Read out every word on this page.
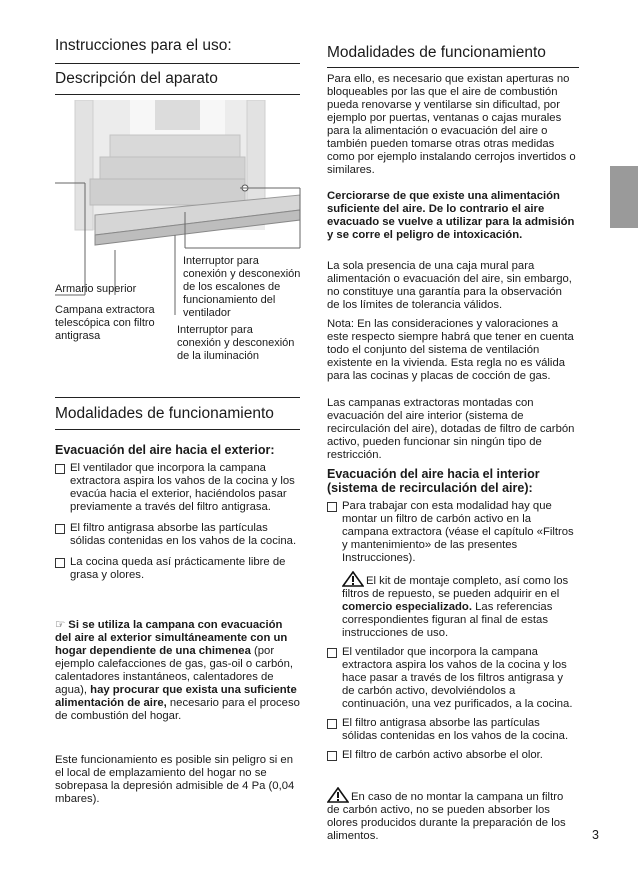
Instrucciones para el uso:
Descripción del aparato
Armario superior
Campana extractora telescópica con filtro antigrasa
Interruptor para conexión y desconexión de los escalones de funcionamiento del ventilador
Interruptor para conexión y desconexión de la iluminación
Modalidades de funcionamiento
Evacuación del aire hacia el exterior:
El ventilador que incorpora la campana extractora aspira los vahos de la cocina y los evacúa hacia el exterior, haciéndolos pasar previamente a través del filtro antigrasa.
El filtro antigrasa absorbe las partículas sólidas contenidas en los vahos de la cocina.
La cocina queda así prácticamente libre de grasa y olores.

☞ Si se utiliza la campana con evacuación del aire al exterior simultáneamente con un hogar dependiente de una chimenea (por ejemplo calefacciones de gas, gas-oil o carbón, calentadores instantáneos, calentadores de agua), hay procurar que exista una suficiente alimentación de aire, necesario para el proceso de combustión del hogar.

Este funcionamiento es posible sin peligro si en el local de emplazamiento del hogar no se sobrepasa la depresión admisible de 4 Pa (0,04 mbares).

Modalidades de funcionamiento

Para ello, es necesario que existan aperturas no bloqueables por las que el aire de combustión pueda renovarse y ventilarse sin dificultad, por ejemplo por puertas, ventanas o cajas murales para la alimentación o evacuación del aire o también pueden tomarse otras otras medidas como por ejemplo instalando cerrojos invertidos o similares.

Cerciorarse de que existe una alimentación suficiente del aire. De lo contrario el aire evacuado se vuelve a utilizar para la admisión y se corre el peligro de intoxicación.

La sola presencia de una caja mural para alimentación o evacuación del aire, sin embargo, no constituye una garantía para la observación de los límites de tolerancia válidos.

Nota: En las consideraciones y valoraciones a este respecto siempre habrá que tener en cuenta todo el conjunto del sistema de ventilación existente en la vivienda. Esta regla no es válida para las cocinas y placas de cocción de gas.

Las campanas extractoras montadas con evacuación del aire interior (sistema de recirculación del aire), dotadas de filtro de carbón activo, pueden funcionar sin ningún tipo de restricción.

Evacuación del aire hacia el interior (sistema de recirculación del aire):
Para trabajar con esta modalidad hay que montar un filtro de carbón activo en la campana extractora (véase el capítulo «Filtros y mantenimiento» de las presentes Instrucciones).
El kit de montaje completo, así como los filtros de repuesto, se pueden adquirir en el comercio especializado. Las referencias correspondientes figuran al final de estas instrucciones de uso.
El ventilador que incorpora la campana extractora aspira los vahos de la cocina y los hace pasar a través de los filtros antigrasa y de carbón activo, devolviéndolos a continuación, una vez purificados, a la cocina.
El filtro antigrasa absorbe las partículas sólidas contenidas en los vahos de la cocina.
El filtro de carbón activo absorbe el olor.

En caso de no montar la campana un filtro de carbón activo, no se pueden absorber los olores producidos durante la preparación de los alimentos.	3
